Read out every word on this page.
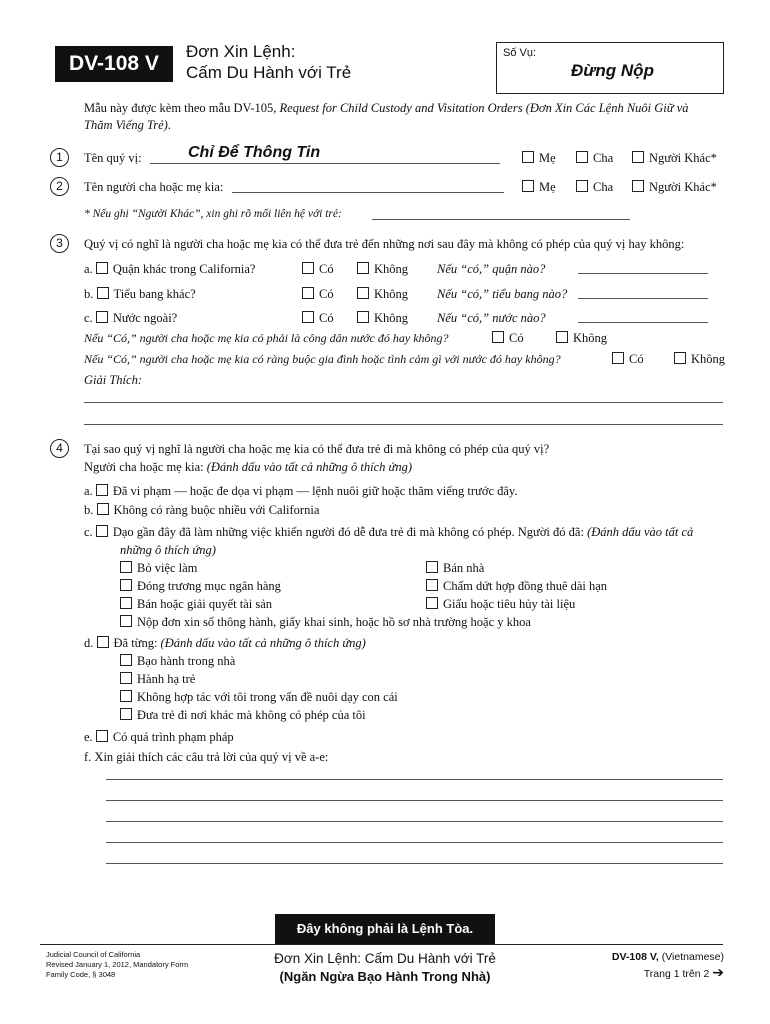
DV-108 V
Đơn Xin Lệnh:
Cấm Du Hành với Trẻ
Số Vụ:
Đừng Nộp
Mẫu này được kèm theo mẫu DV-105, Request for Child Custody and Visitation Orders (Đơn Xin Các Lệnh Nuôi Giữ và
Thăm Viếng Trẻ).
1	Tên quý vị:	Chỉ Để Thông Tin	Mẹ	Cha	Người Khác*
2	Tên người cha hoặc mẹ kia:	Mẹ	Cha	Người Khác*
* Nếu ghi “Người Khác”, xin ghi rõ mối liên hệ với trẻ:
3	Quý vị có nghĩ là người cha hoặc mẹ kia có thể đưa trẻ đến những nơi sau đây mà không có phép của quý vị hay không:
a. Quận khác trong California?	Có	Không Nếu “có,” quận nào?
b. Tiểu bang khác?	Có	Không Nếu “có,” tiểu bang nào?
c. Nước ngoài?	Có	Không Nếu “có,” nước nào?
Nếu “Có,” người cha hoặc mẹ kia có phải là công dân nước đó hay không?	Có	Không
Nếu “Có,” người cha hoặc mẹ kia có ràng buộc gia đình hoặc tình cảm gì với nước đó hay không?	Có	Không
Giải Thích:
4	Tại sao quý vị nghĩ là người cha hoặc mẹ kia có thể đưa trẻ đi mà không có phép của quý vị?
Người cha hoặc mẹ kia: (Đánh dấu vào tất cả những ô thích ứng)
a. Đã vi phạm — hoặc đe dọa vi phạm — lệnh nuôi giữ hoặc thăm viếng trước đây.
b. Không có ràng buộc nhiều với California
c. Dạo gần đây đã làm những việc khiến người đó dễ đưa trẻ đi mà không có phép. Người đó đã: (Đánh dấu vào tất cả
những ô thích ứng)
Bỏ việc làm	Bán nhà
Đóng trương mục ngân hàng	Chấm dứt hợp đồng thuê dài hạn
Bán hoặc giải quyết tài sản	Giấu hoặc tiêu hủy tài liệu
Nộp đơn xin sổ thông hành, giấy khai sinh, hoặc hồ sơ nhà trường hoặc y khoa
d. Đã từng: (Đánh dấu vào tất cả những ô thích ứng)
Bạo hành trong nhà
Hành hạ trẻ
Không hợp tác với tôi trong vấn đề nuôi dạy con cái
Đưa trẻ đi nơi khác mà không có phép của tôi
e. Có quá trình phạm pháp
f. Xin giải thích các câu trả lời của quý vị về a-e:
Đây không phải là Lệnh Tòa.
Judicial Council of California
Revised January 1, 2012, Mandatory Form
Family Code, § 3048
Đơn Xin Lệnh: Cấm Du Hành với Trẻ
(Ngăn Ngừa Bạo Hành Trong Nhà)
DV-108 V, (Vietnamese)
Trang 1 trên 2 ➔
